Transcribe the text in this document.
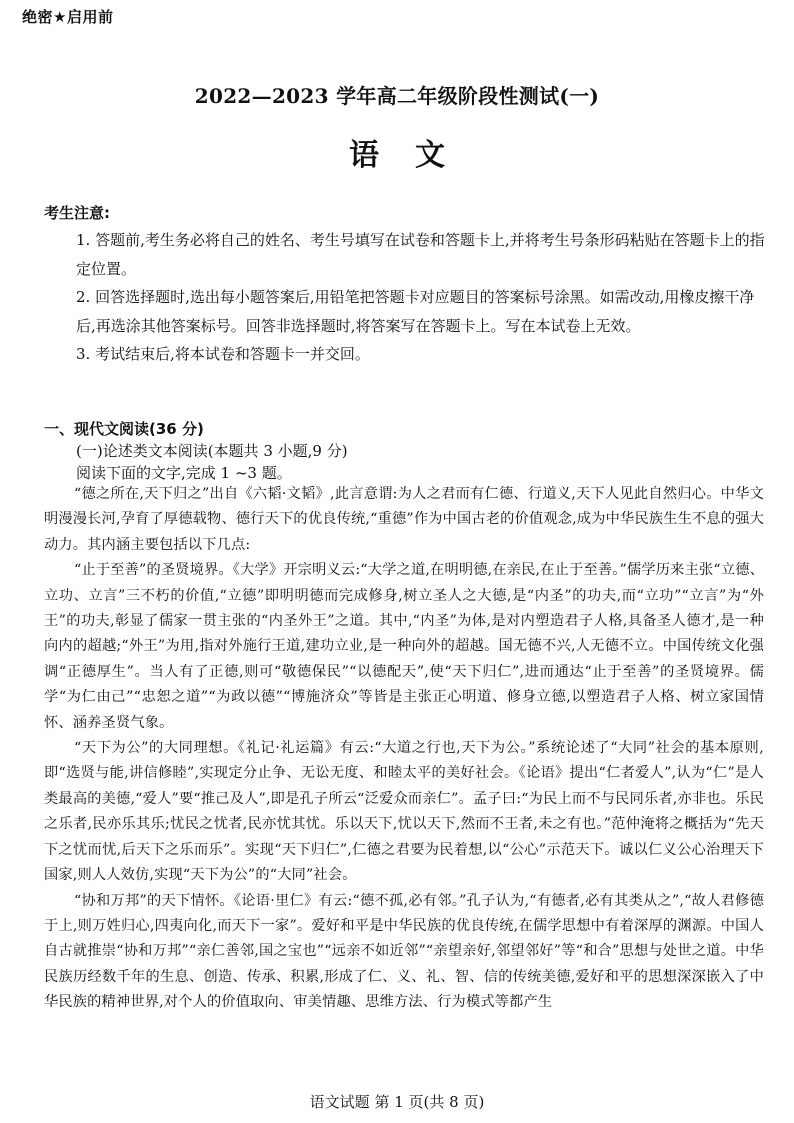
绝密★启用前
2022—2023 学年高二年级阶段性测试(一)
语文
考生注意:
1. 答题前,考生务必将自己的姓名、考生号填写在试卷和答题卡上,并将考生号条形码粘贴在答题卡上的指定位置。
2. 回答选择题时,选出每小题答案后,用铅笔把答题卡对应题目的答案标号涂黑。如需改动,用橡皮擦干净后,再选涂其他答案标号。回答非选择题时,将答案写在答题卡上。写在本试卷上无效。
3. 考试结束后,将本试卷和答题卡一并交回。
一、现代文阅读(36 分)
(一)论述类文本阅读(本题共 3 小题,9 分)
阅读下面的文字,完成 1 ~3 题。

“德之所在,天下归之”出自《六韬·文韬》,此言意谓:为人之君而有仁德、行道义,天下人见此自然归心。中华文明漫漫长河,孕育了厚德载物、德行天下的优良传统,“重德”作为中国古老的价值观念,成为中华民族生生不息的强大动力。其内涵主要包括以下几点:

“止于至善”的圣贤境界。《大学》开宗明义云:“大学之道,在明明德,在亲民,在止于至善。”儒学历来主张“立德、立功、立言”三不朽的价值,“立德”即明明德而完成修身,树立圣人之大德,是“内圣”的功夫,而“立功”“立言”为“外王”的功夫,彰显了儒家一贯主张的“内圣外王”之道。其中,“内圣”为体,是对内塑造君子人格,具备圣人德才,是一种向内的超越;“外王”为用,指对外施行王道,建功立业,是一种向外的超越。国无德不兴,人无德不立。中国传统文化强调“正德厚生”。当人有了正德,则可“敬德保民”“以德配天”,使“天下归仁”,进而通达“止于至善”的圣贤境界。儒学“为仁由己”“忠恕之道”“为政以德”“博施济众”等皆是主张正心明道、修身立德,以塑造君子人格、树立家国情怀、涵养圣贤气象。

“天下为公”的大同理想。《礼记·礼运篇》有云:“大道之行也,天下为公。”系统论述了“大同”社会的基本原则,即“选贤与能,讲信修睦”,实现定分止争、无讼无度、和睦太平的美好社会。《论语》提出“仁者爱人”,认为“仁”是人类最高的美德,“爱人”要“推己及人”,即是孔子所云“泛爱众而亲仁”。孟子曰:“为民上而不与民同乐者,亦非也。乐民之乐者,民亦乐其乐;忧民之忧者,民亦忧其忧。乐以天下,忧以天下,然而不王者,未之有也。”范仲淹将之概括为“先天下之忧而忧,后天下之乐而乐”。实现“天下归仁”,仁德之君要为民着想,以“公心”示范天下。诚以仁义公心治理天下国家,则人人效仿,实现“天下为公”的“大同”社会。

“协和万邦”的天下情怀。《论语·里仁》有云:“德不孤,必有邻。”孔子认为,“有德者,必有其类从之”,“故人君修德于上,则万姓归心,四夷向化,而天下一家”。爱好和平是中华民族的优良传统,在儒学思想中有着深厚的渊源。中国人自古就推崇“协和万邦”“亲仁善邻,国之宝也”“远亲不如近邻”“亲望亲好,邻望邻好”等“和合”思想与处世之道。中华民族历经数千年的生息、创造、传承、积累,形成了仁、义、礼、智、信的传统美德,爱好和平的思想深深嵌入了中华民族的精神世界,对个人的价值取向、审美情趣、思维方法、行为模式等都产生

语文试题 第 1 页(共 8 页)
